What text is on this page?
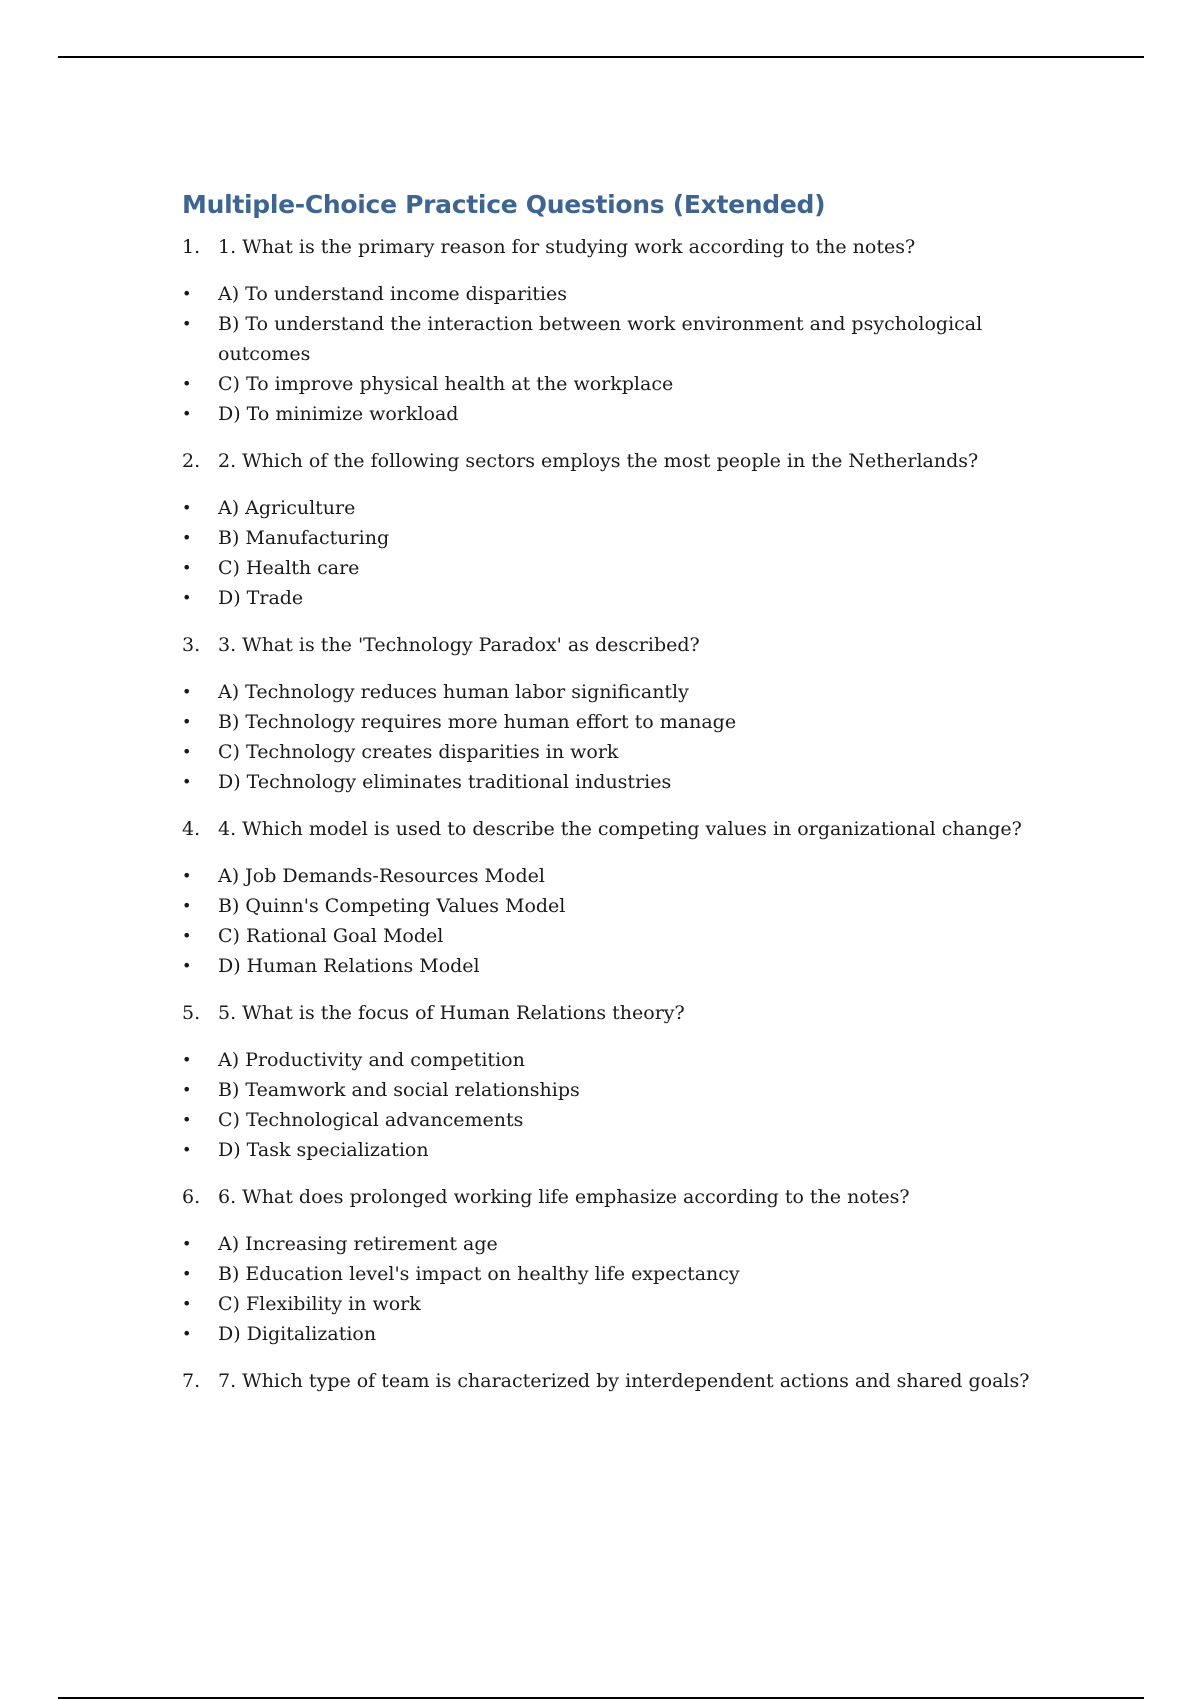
Multiple-Choice Practice Questions (Extended)
1. 1. What is the primary reason for studying work according to the notes?
•	A) To understand income disparities
•	B) To understand the interaction between work environment and psychological outcomes
•	C) To improve physical health at the workplace
•	D) To minimize workload
2. 2. Which of the following sectors employs the most people in the Netherlands?
•	A) Agriculture
•	B) Manufacturing
•	C) Health care
•	D) Trade
3. 3. What is the 'Technology Paradox' as described?
•	A) Technology reduces human labor significantly
•	B) Technology requires more human effort to manage
•	C) Technology creates disparities in work
•	D) Technology eliminates traditional industries
4. 4. Which model is used to describe the competing values in organizational change?
•	A) Job Demands-Resources Model
•	B) Quinn's Competing Values Model
•	C) Rational Goal Model
•	D) Human Relations Model
5. 5. What is the focus of Human Relations theory?
•	A) Productivity and competition
•	B) Teamwork and social relationships
•	C) Technological advancements
•	D) Task specialization
6. 6. What does prolonged working life emphasize according to the notes?
•	A) Increasing retirement age
•	B) Education level's impact on healthy life expectancy
•	C) Flexibility in work
•	D) Digitalization
7. 7. Which type of team is characterized by interdependent actions and shared goals?
